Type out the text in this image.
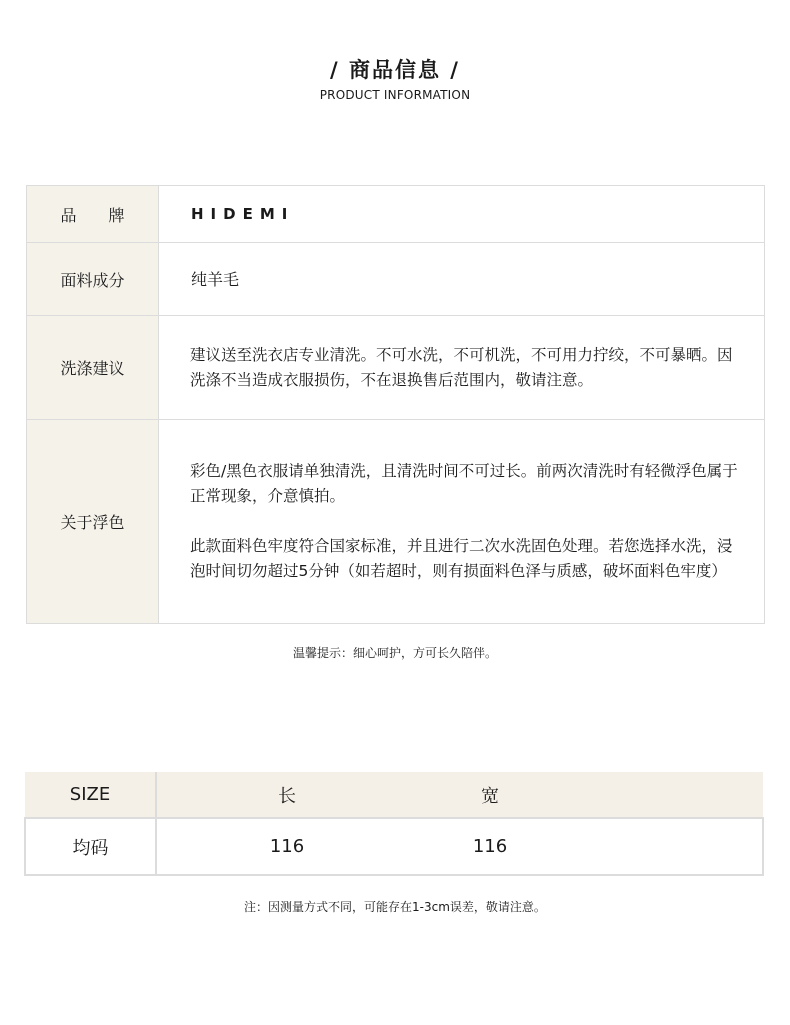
/ 商品信息 /
PRODUCT INFORMATION
品　　牌	HIDEMI
面料成分	纯羊毛
洗涤建议	建议送至洗衣店专业清洗。不可水洗，不可机洗，不可用力拧绞，不可暴晒。因洗涤不当造成衣服损伤，不在退换售后范围内，敬请注意。
关于浮色	彩色/黑色衣服请单独清洗，且清洗时间不可过长。前两次清洗时有轻微浮色属于正常现象，介意慎拍。
此款面料色牢度符合国家标准，并且进行二次水洗固色处理。若您选择水洗，浸泡时间切勿超过5分钟（如若超时，则有损面料色泽与质感，破坏面料色牢度）
温馨提示：细心呵护，方可长久陪伴。
SIZE	长	宽	
均码	116	116	
注：因测量方式不同，可能存在1-3cm误差，敬请注意。
